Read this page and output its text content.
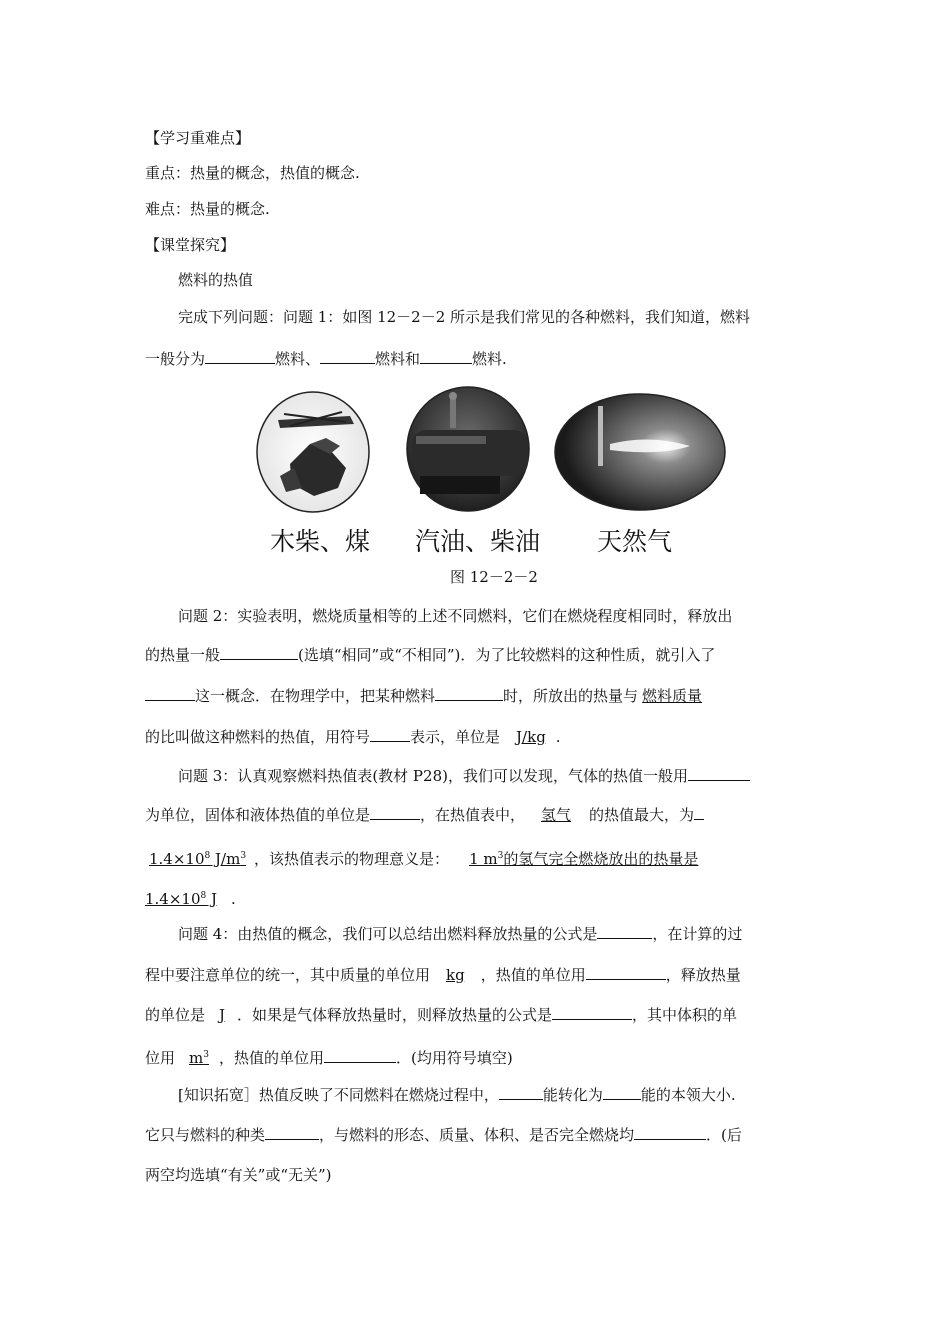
【学习重难点】
重点：热量的概念，热值的概念.
难点：热量的概念.
【课堂探究】
燃料的热值
完成下列问题：问题 1：如图 12－2－2 所示是我们常见的各种燃料，我们知道，燃料
一般分为	燃料、	燃料和	燃料.
木柴、煤 汽油、柴油 天然气
图 12－2－2
问题 2：实验表明，燃烧质量相等的上述不同燃料，它们在燃烧程度相同时，释放出
的热量一般	(选填“相同”或“不相同”)．为了比较燃料的这种性质，就引入了
这一概念．在物理学中，把某种燃料	时，所放出的热量与 燃料质量
的比叫做这种燃料的热值，用符号	表示，单位是 J/kg .
问题 3：认真观察燃料热值表(教材 P28)，我们可以发现，气体的热值一般用
为单位，固体和液体热值的单位是	，在热值表中， 氢气 的热值最大，为
$1.4\times 10^8$ $J/m^3$ ，该热值表示的物理意义是： 1 $m^3$的氢气完全燃烧放出的热量是
$1.4\times 10^8$ J .
问题 4：由热值的概念，我们可以总结出燃料释放热量的公式是	，在计算的过
程中要注意单位的统一，其中质量的单位用 kg ，热值的单位用	，释放热量
的单位是 J ．如果是气体释放热量时，则释放热量的公式是	，其中体积的单
位用 $m^3$ ，热值的单位用	．(均用符号填空)
[知识拓宽］热值反映了不同燃料在燃烧过程中，	能转化为	能的本领大小.
它只与燃料的种类	，与燃料的形态、质量、体积、是否完全燃烧均	．(后
两空均选填“有关”或“无关”)
